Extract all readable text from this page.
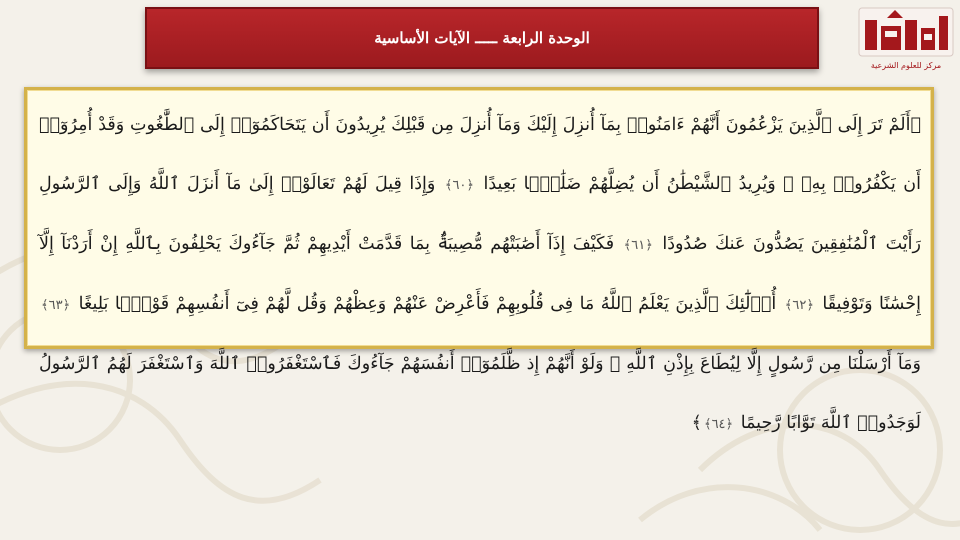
الوحدة الرابعة ـــــ الآيات الأساسية
مركز للعلوم الشرعية
﴿أَلَمْ تَرَ إِلَى ٱلَّذِينَ يَزْعُمُونَ أَنَّهُمْ ءَامَنُوا۟ بِمَآ أُنزِلَ إِلَيْكَ وَمَآ أُنزِلَ مِن قَبْلِكَ يُرِيدُونَ أَن يَتَحَاكَمُوٓا۟ إِلَى ٱلطَّٰغُوتِ وَقَدْ أُمِرُوٓا۟ أَن يَكْفُرُوا۟ بِهِۦ ۖ وَيُرِيدُ ٱلشَّيْطَٰنُ أَن يُضِلَّهُمْ ضَلَٰلًۢا بَعِيدًا ﴿٦٠﴾ وَإِذَا قِيلَ لَهُمْ تَعَالَوْا۟ إِلَىٰ مَآ أَنزَلَ ٱللَّهُ وَإِلَى ٱلرَّسُولِ رَأَيْتَ ٱلْمُنَٰفِقِينَ يَصُدُّونَ عَنكَ صُدُودًا ﴿٦١﴾ فَكَيْفَ إِذَآ أَصَٰبَتْهُم مُّصِيبَةٌۢ بِمَا قَدَّمَتْ أَيْدِيهِمْ ثُمَّ جَآءُوكَ يَحْلِفُونَ بِٱللَّهِ إِنْ أَرَدْنَآ إِلَّآ إِحْسَٰنًا وَتَوْفِيقًا ﴿٦٢﴾ أُو۟لَٰٓئِكَ ٱلَّذِينَ يَعْلَمُ ٱللَّهُ مَا فِى قُلُوبِهِمْ فَأَعْرِضْ عَنْهُمْ وَعِظْهُمْ وَقُل لَّهُمْ فِىٓ أَنفُسِهِمْ قَوْلًۢا بَلِيغًا ﴿٦٣﴾ وَمَآ أَرْسَلْنَا مِن رَّسُولٍ إِلَّا لِيُطَاعَ بِإِذْنِ ٱللَّهِ ۚ وَلَوْ أَنَّهُمْ إِذ ظَّلَمُوٓا۟ أَنفُسَهُمْ جَآءُوكَ فَٱسْتَغْفَرُوا۟ ٱللَّهَ وَٱسْتَغْفَرَ لَهُمُ ٱلرَّسُولُ لَوَجَدُوا۟ ٱللَّهَ تَوَّابًا رَّحِيمًا ﴿٦٤﴾﴾
